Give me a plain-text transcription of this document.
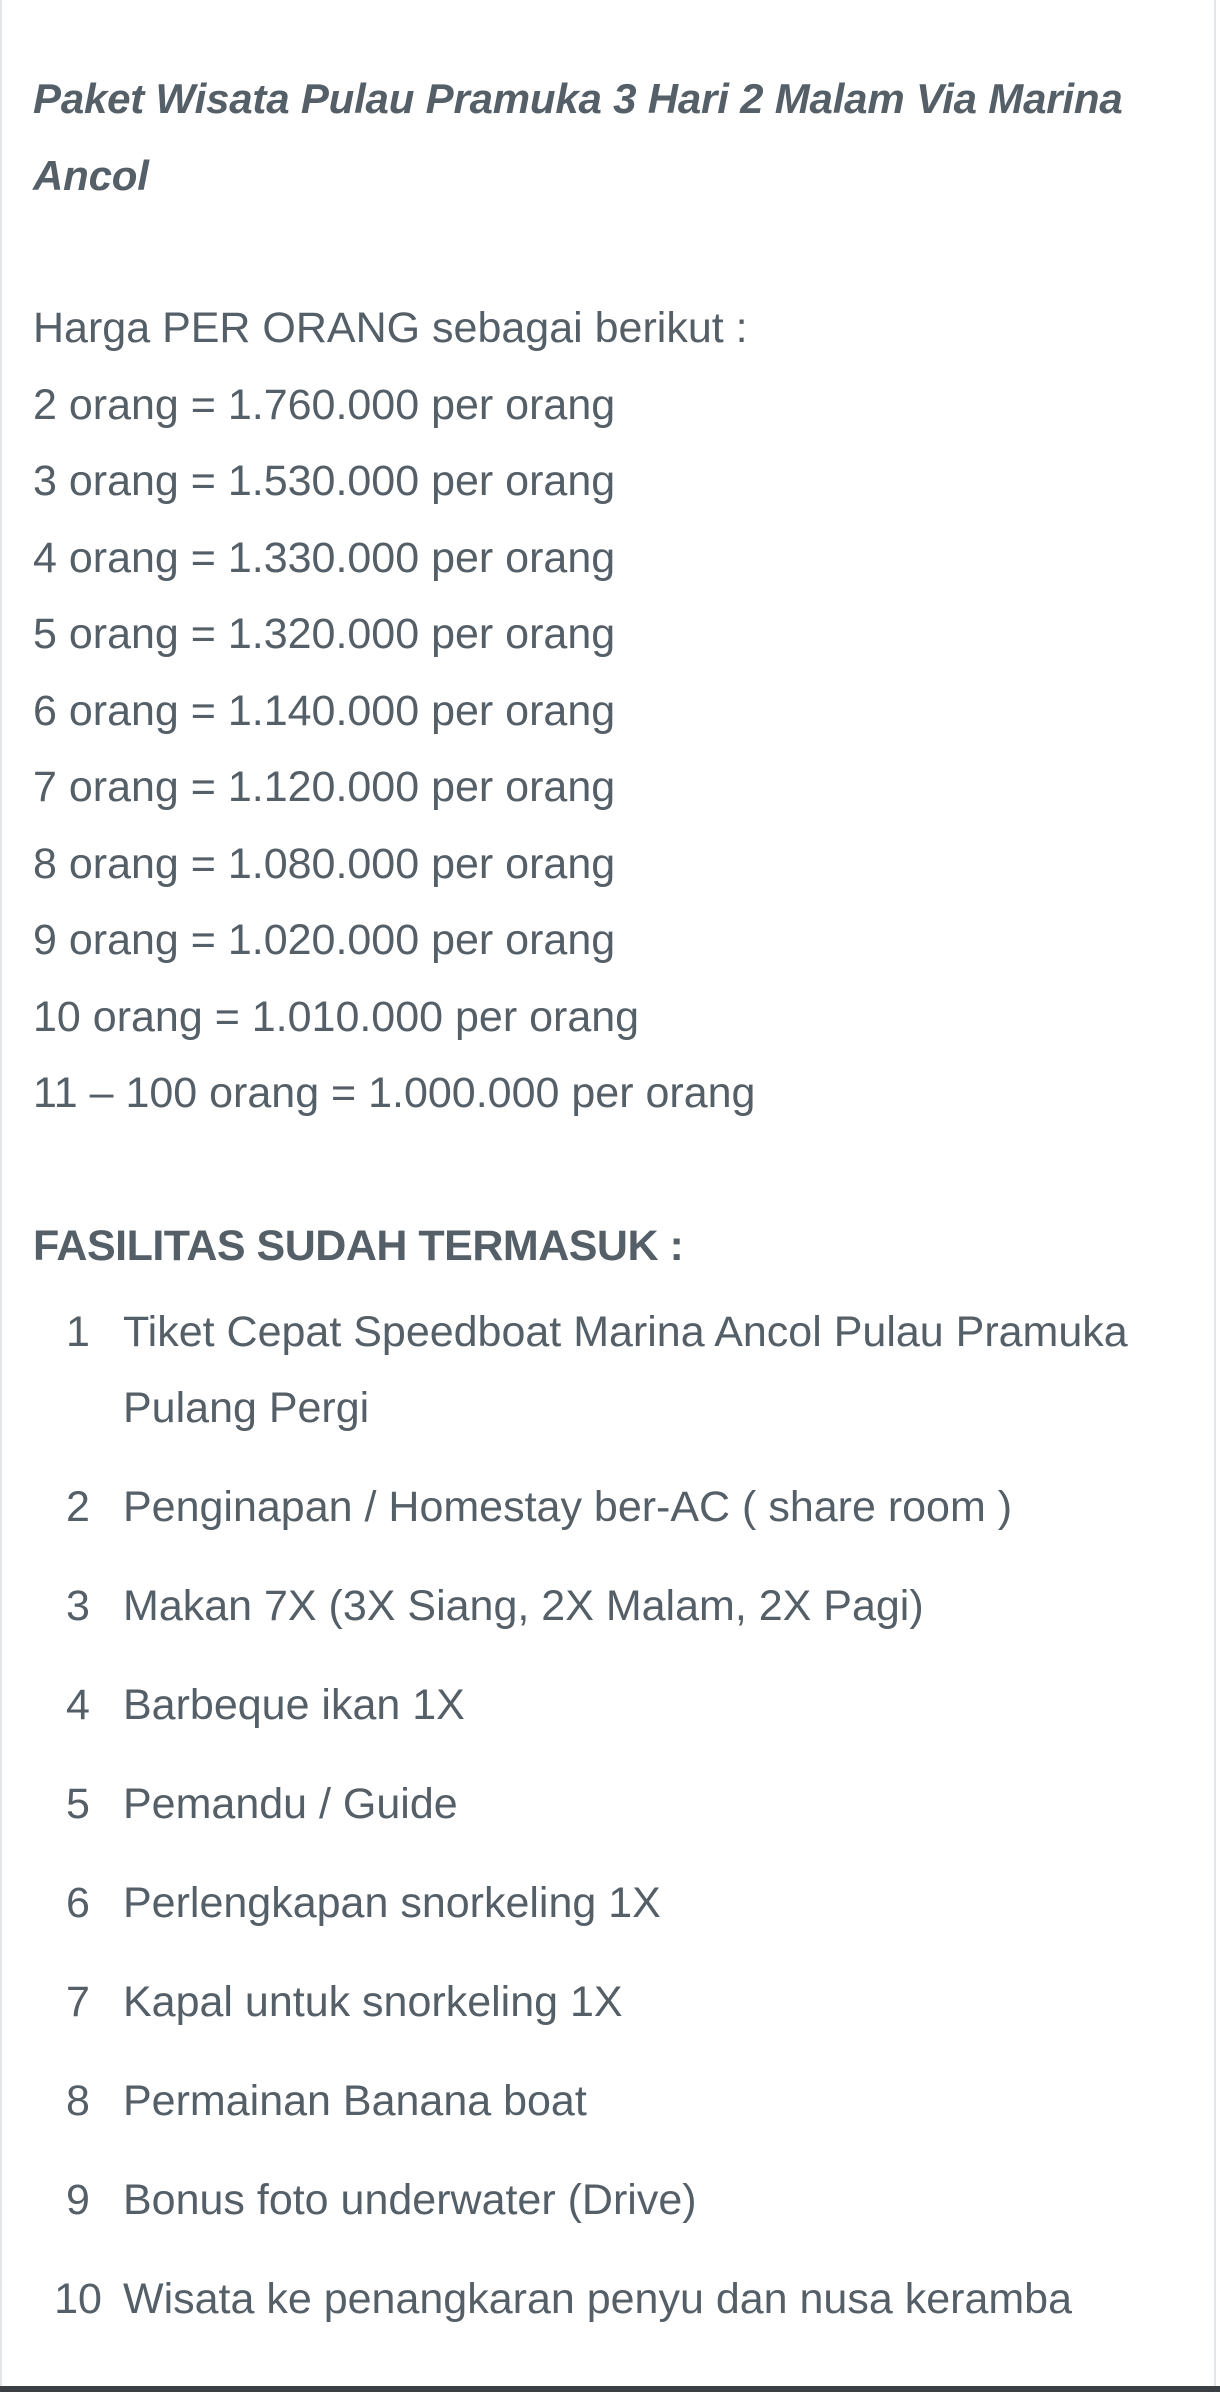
Paket Wisata Pulau Pramuka 3 Hari 2 Malam Via Marina
Ancol

Harga PER ORANG sebagai berikut :

2 orang = 1.760.000 per orang

3 orang = 1.530.000 per orang

4 orang = 1.330.000 per orang

5 orang = 1.320.000 per orang

6 orang = 1.140.000 per orang

7 orang = 1.120.000 per orang

8 orang = 1.080.000 per orang

9 orang = 1.020.000 per orang

10 orang = 1.010.000 per orang

11 – 100 orang = 1.000.000 per orang

FASILITAS SUDAH TERMASUK :
1 Tiket Cepat Speedboat Marina Ancol Pulau Pramuka
Pulang Pergi
2 Penginapan / Homestay ber-AC ( share room )
3 Makan 7X (3X Siang, 2X Malam, 2X Pagi)
4 Barbeque ikan 1X
5 Pemandu / Guide
6 Perlengkapan snorkeling 1X
7 Kapal untuk snorkeling 1X
8 Permainan Banana boat
9 Bonus foto underwater (Drive)
10 Wisata ke penangkaran penyu dan nusa keramba
